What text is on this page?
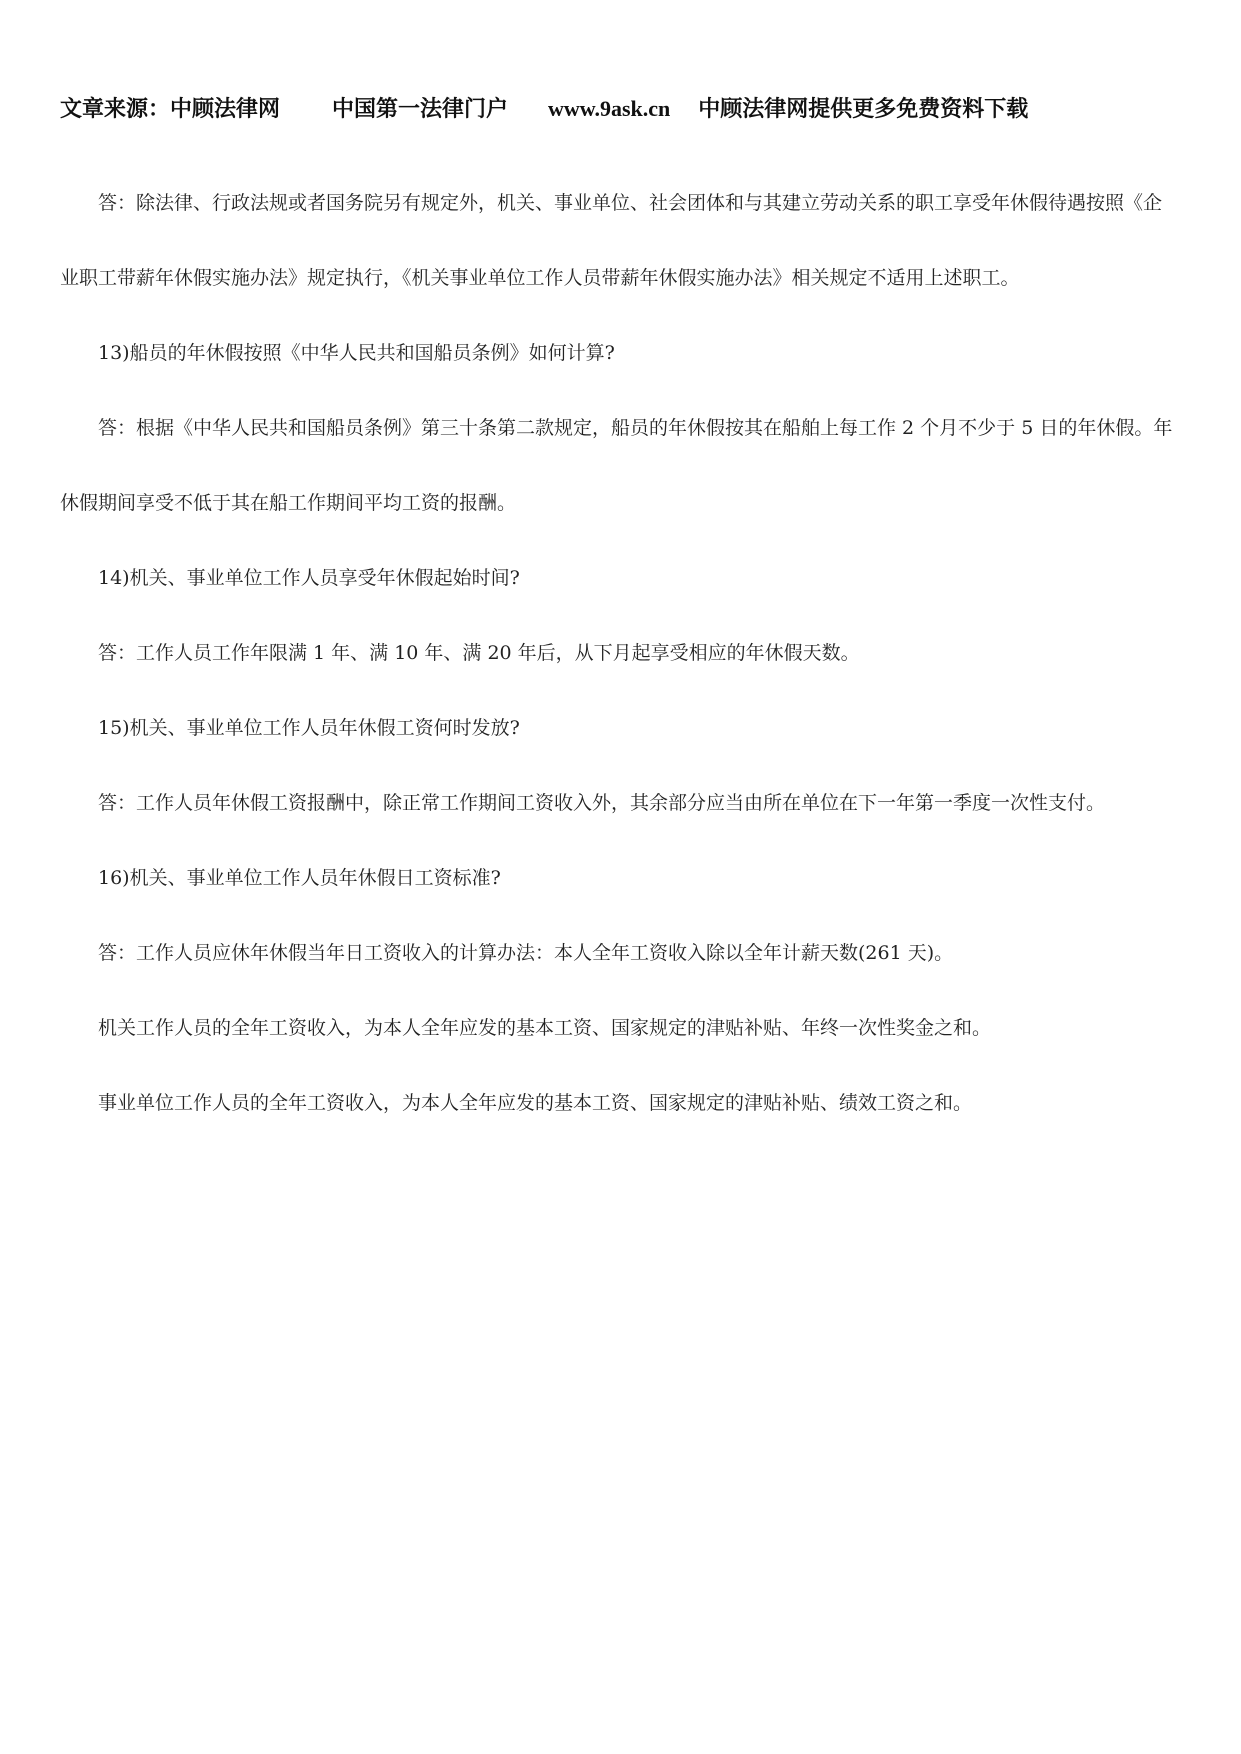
文章来源：中顾法律网 中国第一法律门户 www.9ask.cn 中顾法律网提供更多免费资料下载

答：除法律、行政法规或者国务院另有规定外，机关、事业单位、社会团体和与其建立劳动关系的职工享受年休假待遇按照《企业职工带薪年休假实施办法》规定执行，《机关事业单位工作人员带薪年休假实施办法》相关规定不适用上述职工。

13)船员的年休假按照《中华人民共和国船员条例》如何计算?

答：根据《中华人民共和国船员条例》第三十条第二款规定，船员的年休假按其在船舶上每工作 2 个月不少于 5 日的年休假。年休假期间享受不低于其在船工作期间平均工资的报酬。

14)机关、事业单位工作人员享受年休假起始时间?

答：工作人员工作年限满 1 年、满 10 年、满 20 年后，从下月起享受相应的年休假天数。

15)机关、事业单位工作人员年休假工资何时发放?

答：工作人员年休假工资报酬中，除正常工作期间工资收入外，其余部分应当由所在单位在下一年第一季度一次性支付。

16)机关、事业单位工作人员年休假日工资标准?

答：工作人员应休年休假当年日工资收入的计算办法：本人全年工资收入除以全年计薪天数(261 天)。

机关工作人员的全年工资收入，为本人全年应发的基本工资、国家规定的津贴补贴、年终一次性奖金之和。

事业单位工作人员的全年工资收入，为本人全年应发的基本工资、国家规定的津贴补贴、绩效工资之和。
